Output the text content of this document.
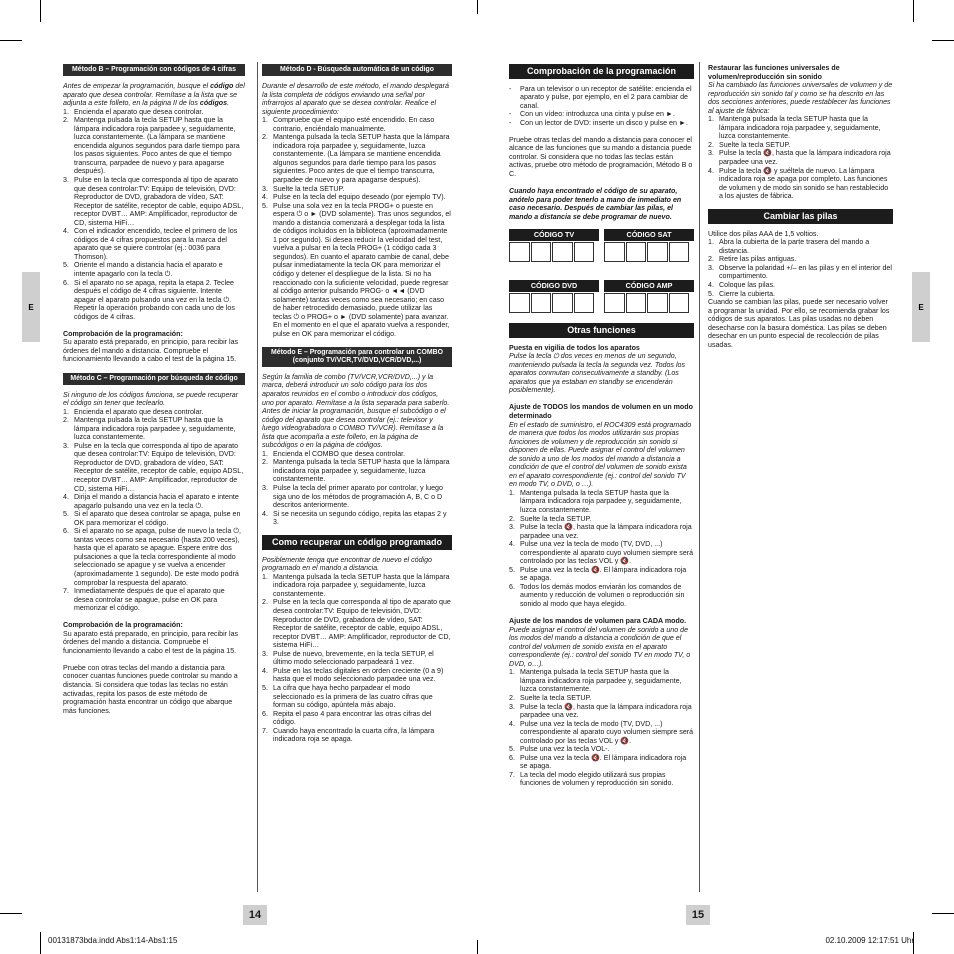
E	E
14	15
00131873bda.indd Abs1:14-Abs1:15	02.10.2009 12:17:51 Uhr
Método B – Programación con códigos de 4 cifras

Antes de empezar la programación, busque el código del aparato que desea controlar. Remítase a la lista que se adjunta a este folleto, en la página II de los códigos.

1. Encienda el aparato que desea controlar.
2. Mantenga pulsada la tecla SETUP hasta que la lámpara indicadora roja parpadee y, seguidamente, luzca constantemente. (La lámpara se mantiene encendida algunos segundos para darle tiempo para los pasos siguientes. Poco antes de que el tiempo transcurra, parpadee de nuevo y para apagarse después).
3. Pulse en la tecla que corresponda al tipo de aparato que desea controlar:TV: Equipo de televisión, DVD: Reproductor de DVD, grabadora de vídeo, SAT: Receptor de satélite, receptor de cable, equipo ADSL, receptor DVBT… AMP: Amplificador, reproductor de CD, sistema HiFi…
4. Con el indicador encendido, teclee el primero de los códigos de 4 cifras propuestos para la marca del aparato que se quiere controlar (ej.: 0036 para Thomson).
5. Oriente el mando a distancia hacia el aparato e intente apagarlo con la tecla ⏻.
6. Si el aparato no se apaga, repita la etapa 2. Teclee después el código de 4 cifras siguiente. Intente apagar el aparato pulsando una vez en la tecla ⏻. Repetir la operación probando con cada uno de los códigos de 4 cifras.

Comprobación de la programación:

Su aparato está preparado, en principio, para recibir las órdenes del mando a distancia. Compruebe el funcionamiento llevando a cabo el test de la página 15.

Método C – Programación por búsqueda de código

Si ninguno de los códigos funciona, se puede recuperar el código sin tener que teclearlo.

1. Encienda el aparato que desea controlar.
2. Mantenga pulsada la tecla SETUP hasta que la lámpara indicadora roja parpadee y, seguidamente, luzca constantemente.
3. Pulse en la tecla que corresponda al tipo de aparato que desea controlar:TV: Equipo de televisión, DVD: Reproductor de DVD, grabadora de vídeo, SAT: Receptor de satélite, receptor de cable, equipo ADSL, receptor DVBT… AMP: Amplificador, reproductor de CD, sistema HiFi…
4. Dirija el mando a distancia hacia el aparato e intente apagarlo pulsando una vez en la tecla ⏻.
5. Si el aparato que desea controlar se apaga, pulse en OK para memorizar el código.
6. Si el aparato no se apaga, pulse de nuevo la tecla ⏻, tantas veces como sea necesario (hasta 200 veces), hasta que el aparato se apague. Espere entre dos pulsaciones a que la tecla correspondiente al modo seleccionado se apague y se vuelva a encender (aproximadamente 1 segundo). De este modo podrá comprobar la respuesta del aparato.
7. Inmediatamente después de que el aparato que desea controlar se apague, pulse en OK para memorizar el código.

Comprobación de la programación:

Su aparato está preparado, en principio, para recibir las órdenes del mando a distancia. Compruebe el funcionamiento llevando a cabo el test de la página 15.

Pruebe con otras teclas del mando a distancia para conocer cuantas funciones puede controlar su mando a distancia. Si considera que todas las teclas no están activadas, repita los pasos de este método de programación hasta encontrar un código que abarque más funciones.

Método D - Búsqueda automática de un código

Durante el desarrollo de este método, el mando desplegará la lista completa de códigos enviando una señal por infrarrojos al aparato que se desea controlar. Realice el siguiente procedimiento:

1. Compruebe que el equipo esté encendido. En caso contrario, enciéndalo manualmente.
2. Mantenga pulsada la tecla SETUP hasta que la lámpara indicadora roja parpadee y, seguidamente, luzca constantemente. (La lámpara se mantiene encendida algunos segundos para darle tiempo para los pasos siguientes. Poco antes de que el tiempo transcurra, parpadee de nuevo y para apagarse después).
3. Suelte la tecla SETUP.
4. Pulse en la tecla del equipo deseado (por ejemplo TV).
5. Pulse una sola vez en la tecla PROG+ o pueste en espera ⏻ o ► (DVD solamente). Tras unos segundos, el mando a distancia comenzará a desplegar toda la lista de códigos incluidos en la biblioteca (aproximadamente 1 por segundo). Si desea reducir la velocidad del test, vuelva a pulsar en la tecla PROG+ (1 código cada 3 segundos). En cuanto el aparato cambie de canal, debe pulsar inmediatamente la tecla OK para memorizar el código y detener el despliegue de la lista. Si no ha reaccionado con la suficiente velocidad, puede regresar al código anterior pulsando PROG- o ◄◄ (DVD solamente) tantas veces como sea necesario; en caso de haber retrocedido demasiado, puede utilizar las teclas ⏻ o PROG+ o ► (DVD solamente) para avanzar. En el momento en el que el aparato vuelva a responder, pulse en OK para memorizar el código.
Método E – Programación para controlar un COMBO (conjunto TV/VCR,TV/DVD,VCR/DVD,...)

Según la familia de combo (TV/VCR,VCR/DVD,...) y la marca, deberá introducir un solo código para los dos aparatos reunidos en el combo o introducir dos códigos, uno por aparato. Remítase a la lista separada para saberlo. Antes de iniciar la programación, busque el subcódigo o el código del aparato que desea controlar (ej.: televisor y luego videograbadora o COMBO TV/VCR). Remítase a la lista que acompaña a este folleto, en la página de subcódigos o en la página de códigos.

1. Encienda el COMBO que desea controlar.
2. Mantenga pulsada la tecla SETUP hasta que la lámpara indicadora roja parpadee y, seguidamente, luzca constantemente.
3. Pulse la tecla del primer aparato por controlar, y luego siga uno de los métodos de programación A, B, C o D descritos anteriormente.
4. Si se necesita un segundo código, repita las etapas 2 y 3.
Como recuperar un código programado

Posiblemente tenga que encontrar de nuevo el código programado en el mando a distancia.

1. Mantenga pulsada la tecla SETUP hasta que la lámpara indicadora roja parpadee y, seguidamente, luzca constantemente.
2. Pulse en la tecla que corresponda al tipo de aparato que desea controlar:TV: Equipo de televisión, DVD: Reproductor de DVD, grabadora de vídeo, SAT: Receptor de satélite, receptor de cable, equipo ADSL, receptor DVBT… AMP: Amplificador, reproductor de CD, sistema HiFi…
3. Pulse de nuevo, brevemente, en la tecla SETUP, el último modo seleccionado parpadeará 1 vez.
4. Pulse en las teclas digitales en orden creciente (0 a 9) hasta que el modo seleccionado parpadee una vez.
5. La cifra que haya hecho parpadear el modo seleccionado es la primera de las cuatro cifras que forman su código, apúntela más abajo.
6. Repita el paso 4 para encontrar las otras cifras del código.
7. Cuando haya encontrado la cuarta cifra, la lámpara indicadora roja se apaga.
Comprobación de la programación
-	Para un televisor o un receptor de satélite: encienda el aparato y pulse, por ejemplo, en el 2 para cambiar de canal.
-	Con un vídeo: introduzca una cinta y pulse en ►.
-	Con un lector de DVD: inserte un disco y pulse en ►.

Pruebe otras teclas del mando a distancia para conocer el alcance de las funciones que su mando a distancia puede controlar. Si considera que no todas las teclas están activas, pruebe otro método de programación, Método B o C.

Cuando haya encontrado el código de su aparato, anótelo para poder tenerlo a mano de inmediato en caso necesario. Después de cambiar las pilas, el mando a distancia se debe programar de nuevo.

CÓDIGO TV	CÓDIGO SAT
CÓDIGO DVD	CÓDIGO AMP
Otras funciones

Puesta en vigilia de todos los aparatos

Pulse la tecla ⏻ dos veces en menos de un segundo, manteniendo pulsada la tecla la segunda vez. Todos los aparatos conmutan consecutivamente a standby. (Los aparatos que ya estaban en standby se encenderán posiblemente).

Ajuste de TODOS los mandos de volumen en un modo determinado

En el estado de suministro, el ROC4309 está programado de manera que todos los modos utilizarán sus propias funciones de volumen y de reproducción sin sonido si disponen de ellas. Puede asignar el control del volumen de sonido a uno de los modos del mando a distancia a condición de que el control del volumen de sonido exista en el aparato correspondiente (ej.: control del sonido TV en modo TV, o DVD, o …).

1. Mantenga pulsada la tecla SETUP hasta que la lámpara indicadora roja parpadee y, seguidamente, luzca constantemente.
2. Suelte la tecla SETUP.
3. Pulse la tecla 🔇, hasta que la lámpara indicadora roja parpadee una vez.
4. Pulse una vez la tecla de modo (TV, DVD, ...) correspondiente al aparato cuyo volumen siempre será controlado por las teclas VOL y 🔇.
5. Pulse una vez la tecla 🔇. El lámpara indicadora roja se apaga.
6. Todos los demás modos enviarán los comandos de aumento y reducción de volumen o reproducción sin sonido al modo que haya elegido.

Ajuste de los mandos de volumen para CADA modo.

Puede asignar el control del volumen de sonido a uno de los modos del mando a distancia a condición de que el control del volumen de sonido exista en el aparato correspondiente (ej.: control del sonido TV en modo TV, o DVD, o…).

1. Mantenga pulsada la tecla SETUP hasta que la lámpara indicadora roja parpadee y, seguidamente, luzca constantemente.
2. Suelte la tecla SETUP.
3. Pulse la tecla 🔇, hasta que la lámpara indicadora roja parpadee una vez.
4. Pulse una vez la tecla de modo (TV, DVD, ...) correspondiente al aparato cuyo volumen siempre será controlado por las teclas VOL y 🔇.
5. Pulse una vez la tecla VOL-.
6. Pulse una vez la tecla 🔇. El lámpara indicadora roja se apaga.
7. La tecla del modo elegido utilizará sus propias funciones de volumen y reproducción sin sonido.

Restaurar las funciones universales de volumen/reproducción sin sonido

Si ha cambiado las funciones universales de volumen y de reproducción sin sonido tal y como se ha descrito en las dos secciones anteriores, puede restablecer las funciones al ajuste de fábrica:

1. Mantenga pulsada la tecla SETUP hasta que la lámpara indicadora roja parpadee y, seguidamente, luzca constantemente.
2. Suelte la tecla SETUP.
3. Pulse la tecla 🔇, hasta que la lámpara indicadora roja parpadee una vez.
4. Pulse la tecla 🔇 y suéltela de nuevo. La lámpara indicadora roja se apaga por completo. Las funciones de volumen y de modo sin sonido se han restablecido a los ajustes de fábrica.
Cambiar las pilas

Utilice dos pilas AAA de 1,5 voltios.

1. Abra la cubierta de la parte trasera del mando a distancia.
2. Retire las pilas antiguas.
3. Observe la polaridad +/– en las pilas y en el interior del compartimento.
4. Coloque las pilas.
5. Cierre la cubierta.

Cuando se cambian las pilas, puede ser necesario volver a programar la unidad. Por ello, se recomienda grabar los códigos de sus aparatos. Las pilas usadas no deben desecharse con la basura doméstica. Las pilas se deben desechar en un punto especial de recolección de pilas usadas.
